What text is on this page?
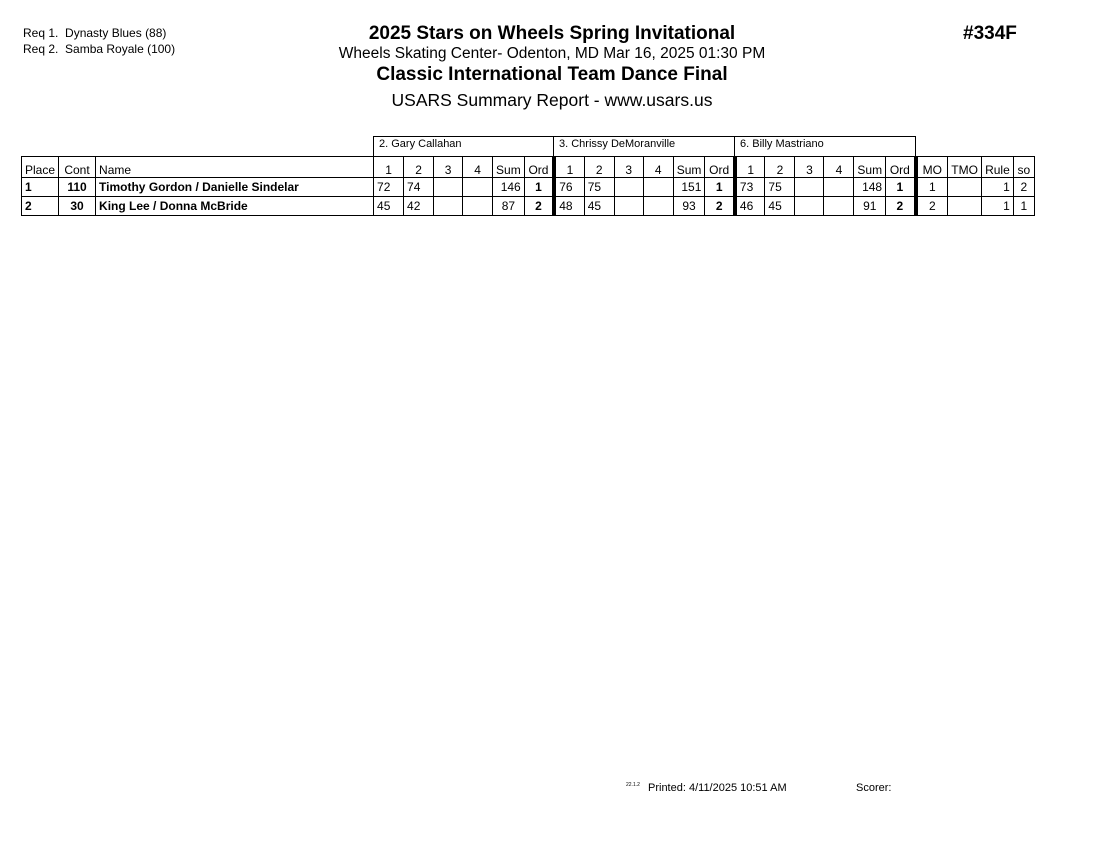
Req 1. Dynasty Blues (88)
Req 2. Samba Royale (100)
2025 Stars on Wheels Spring Invitational
Wheels Skating Center- Odenton, MD Mar 16, 2025 01:30 PM
Classic International Team Dance Final
USARS Summary Report - www.usars.us
#334F
2. Gary Callahan	3. Chrissy DeMoranville	6. Billy Mastriano
Place	Cont	Name	1	2	3	4	Sum	Ord	1	2	3	4	Sum	Ord	1	2	3	4	Sum	Ord	MO	TMO	Rule	so
1	110	Timothy Gordon / Danielle Sindelar	72	74			146	1	76	75			151	1	73	75			148	1	1		1	2
2	30	King Lee / Donna McBride	45	42			87	2	48	45			93	2	46	45			91	2	2		1	1
22.1.2 Printed: 4/11/2025 10:51 AM	Scorer:
